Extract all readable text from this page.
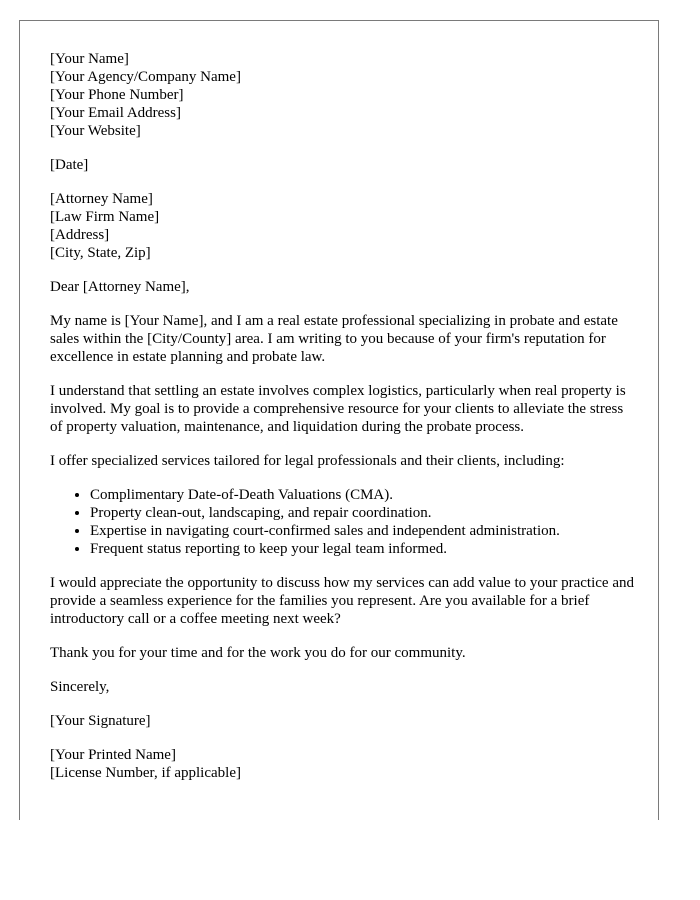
[Your Name]
[Your Agency/Company Name]
[Your Phone Number]
[Your Email Address]
[Your Website]
[Date]
[Attorney Name]
[Law Firm Name]
[Address]
[City, State, Zip]

Dear [Attorney Name],

My name is [Your Name], and I am a real estate professional specializing in probate and estate sales within the [City/County] area. I am writing to you because of your firm's reputation for excellence in estate planning and probate law.

I understand that settling an estate involves complex logistics, particularly when real property is involved. My goal is to provide a comprehensive resource for your clients to alleviate the stress of property valuation, maintenance, and liquidation during the probate process.

I offer specialized services tailored for legal professionals and their clients, including:

• Complimentary Date-of-Death Valuations (CMA).
• Property clean-out, landscaping, and repair coordination.
• Expertise in navigating court-confirmed sales and independent administration.
• Frequent status reporting to keep your legal team informed.

I would appreciate the opportunity to discuss how my services can add value to your practice and provide a seamless experience for the families you represent. Are you available for a brief introductory call or a coffee meeting next week?

Thank you for your time and for the work you do for our community.

Sincerely,

[Your Signature]

[Your Printed Name]
[License Number, if applicable]
